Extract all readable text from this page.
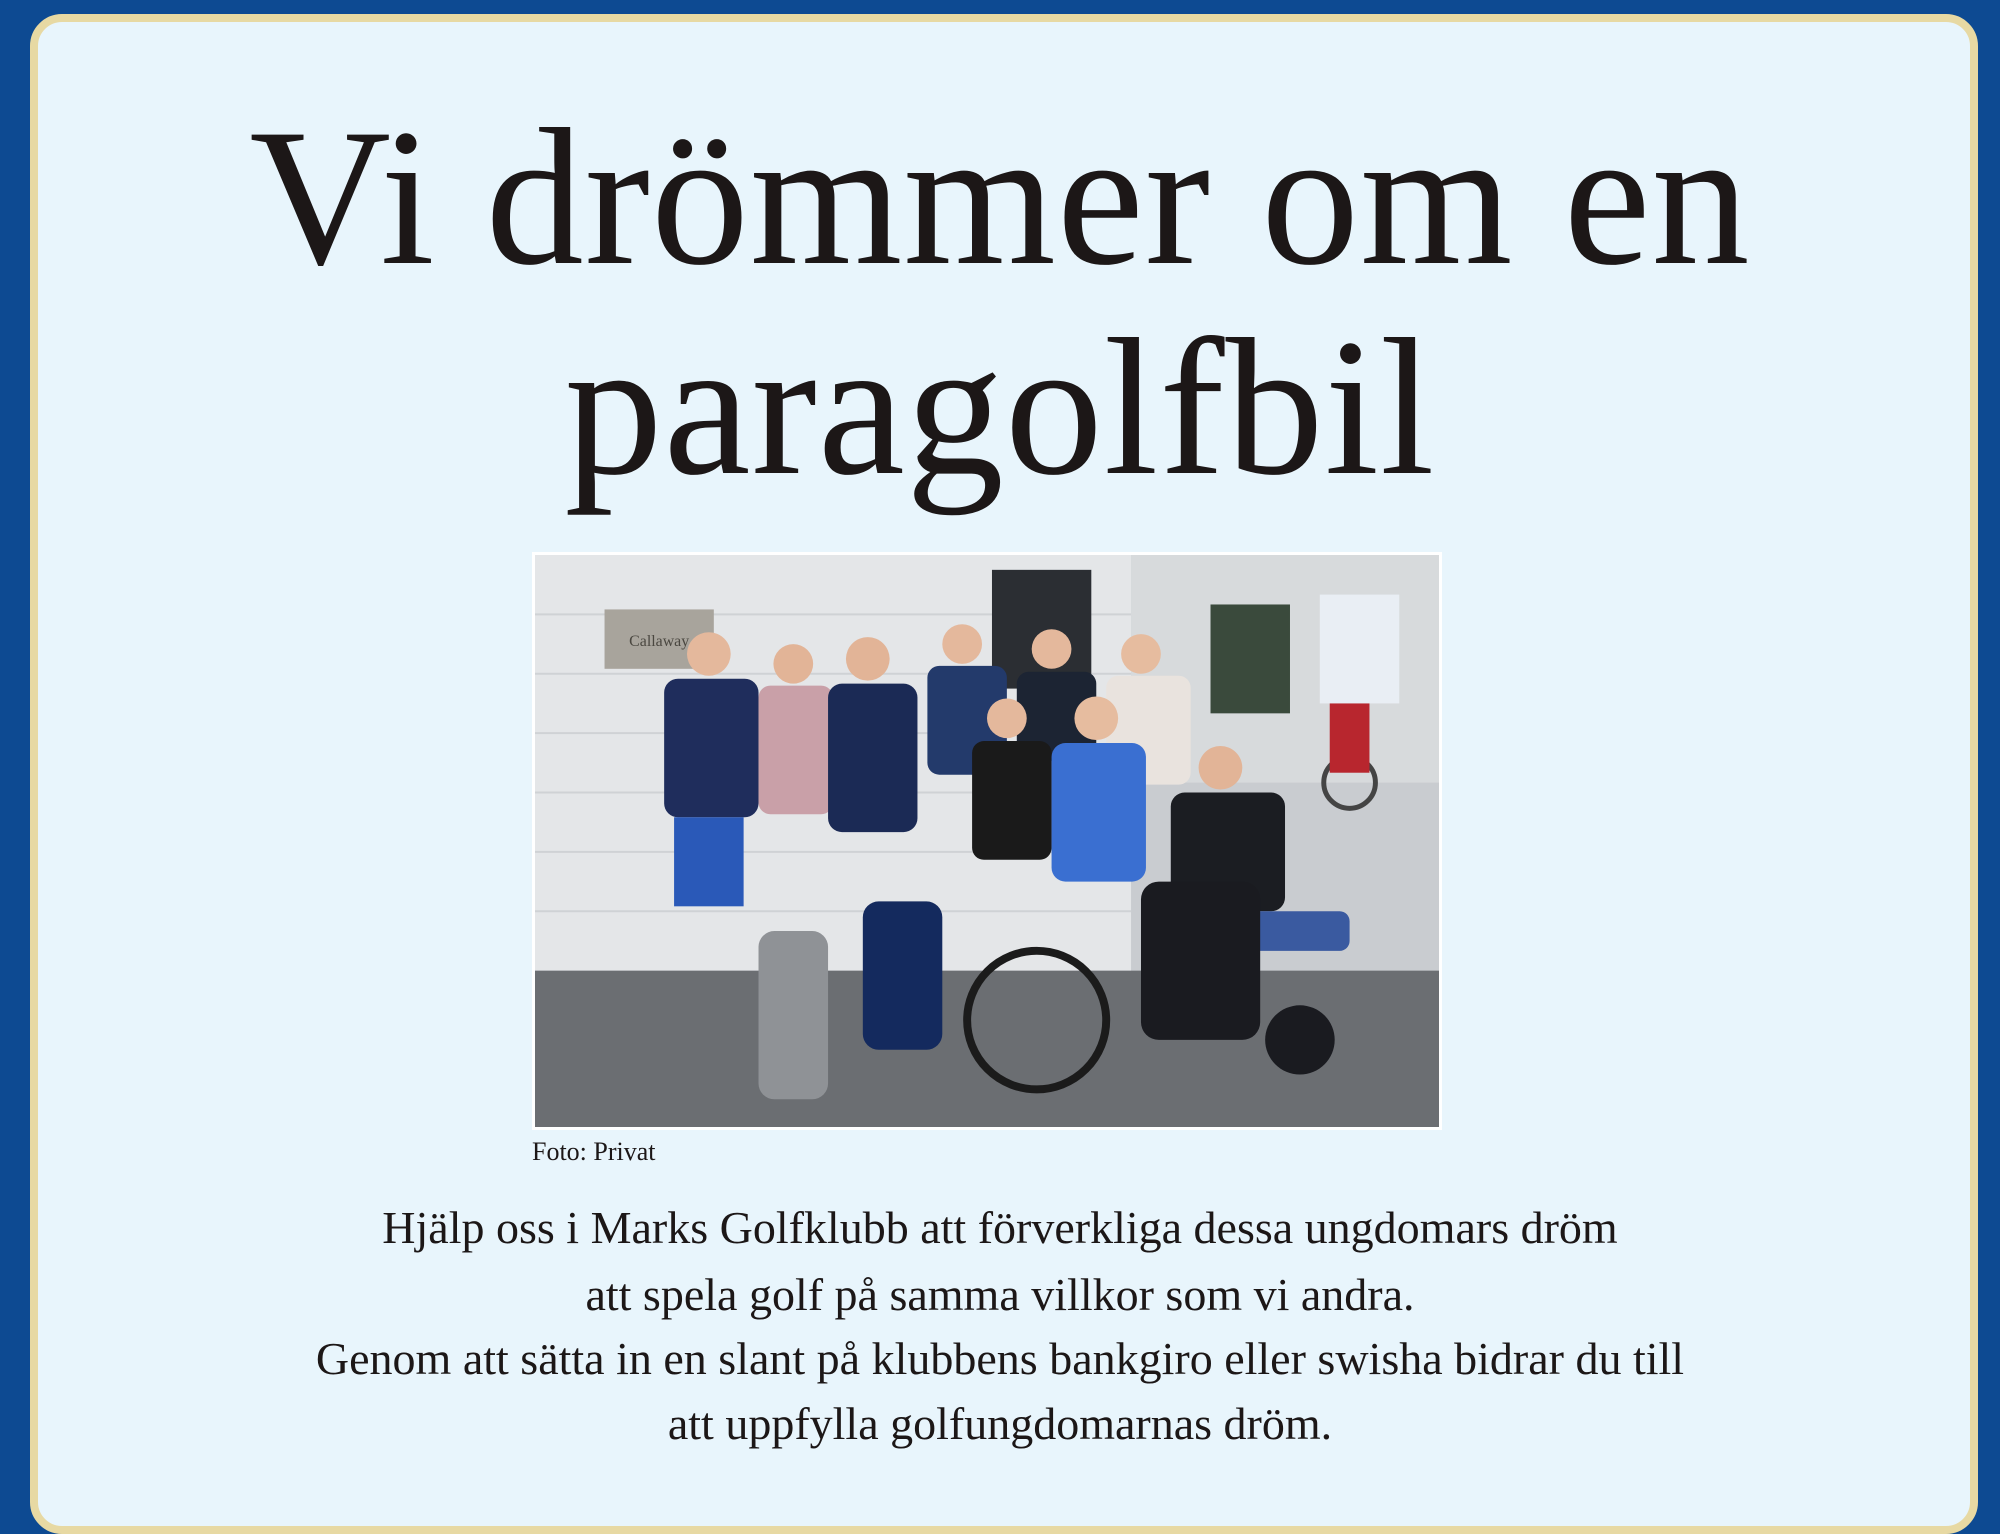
Vi drömmer om en
paragolfbil
Callaway
Foto: Privat
Hjälp oss i Marks Golfklubb att förverkliga dessa ungdomars dröm
att spela golf på samma villkor som vi andra.
Genom att sätta in en slant på klubbens bankgiro eller swisha bidrar du till
att uppfylla golfungdomarnas dröm.
